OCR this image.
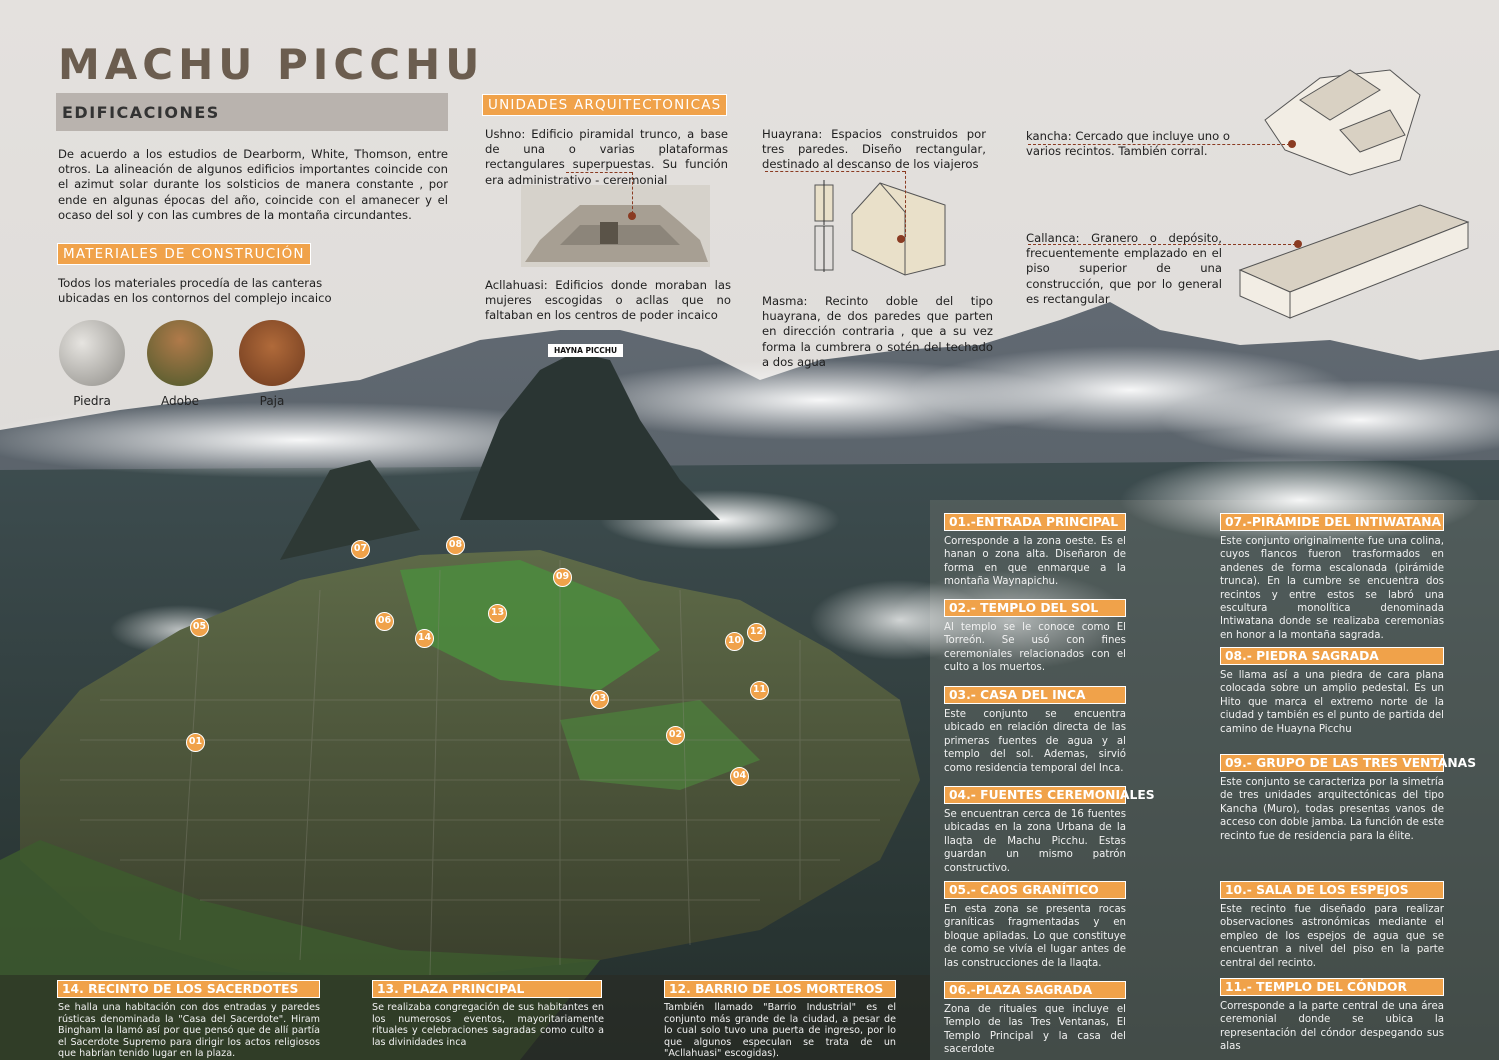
MACHU PICCHU
EDIFICACIONES
De acuerdo a los estudios de Dearborm, White, Thomson, entre otros. La alineación de algunos edificios importantes coincide con el azimut solar durante los solsticios de manera constante , por ende en algunas épocas del año, coincide con el amanecer y el ocaso del sol y con las cumbres de la montaña circundantes.
MATERIALES DE CONSTRUCIÓN
Todos los materiales procedía de las canteras ubicadas en los contornos del complejo incaico
Piedra	Adobe	Paja
UNIDADES ARQUITECTONICAS
Ushno: Edificio piramidal trunco, a base de una o varias plataformas rectangulares superpuestas. Su función era administrativo - ceremonial
Acllahuasi: Edificios donde moraban las mujeres escogidas o acllas que no faltaban en los centros de poder incaico
Huayrana: Espacios construidos por tres paredes. Diseño rectangular, destinado al descanso de los viajeros
Masma: Recinto doble del tipo huayrana, de dos paredes que parten en dirección contraria , que a su vez forma la cumbrera o sotén del techado a dos agua
kancha: Cercado que incluye uno o varios recintos. También corral.
Callanca: Granero o depósito, frecuentemente emplazado en el piso superior de una construcción, que por lo general es rectangular
HAYNA PICCHU
01
02
03
04
05
06
07	08
09
10
11
12
13
14
01.-ENTRADA PRINCIPAL
Corresponde a la zona oeste. Es el hanan o zona alta. Diseñaron de forma en que enmarque a la montaña Waynapichu.
02.- TEMPLO DEL SOL
Al templo se le conoce como El Torreón. Se usó con fines ceremoniales relacionados con el culto a los muertos.
03.- CASA DEL INCA
Este conjunto se encuentra ubicado en relación directa de las primeras fuentes de agua y al templo del sol. Ademas, sirvió como residencia temporal del Inca.
04.- FUENTES CEREMONIALES
Se encuentran cerca de 16 fuentes ubicadas en la zona Urbana de la llaqta de Machu Picchu. Estas guardan un mismo patrón constructivo.
05.- CAOS GRANÍTICO
En esta zona se presenta rocas graníticas fragmentadas y en bloque apiladas. Lo que constituye de como se vivía el lugar antes de las construcciones de la llaqta.
06.-PLAZA SAGRADA
Zona de rituales que incluye el Templo de las Tres Ventanas, El Templo Principal y la casa del sacerdote
07.-PIRÁMIDE DEL INTIWATANA
Este conjunto originalmente fue una colina, cuyos flancos fueron trasformados en andenes de forma escalonada (pirámide trunca). En la cumbre se encuentra dos recintos y entre estos se labró una escultura monolítica denominada Intiwatana donde se realizaba ceremonias en honor a la montaña sagrada.
08.- PIEDRA SAGRADA
Se llama así a una piedra de cara plana colocada sobre un amplio pedestal. Es un Hito que marca el extremo norte de la ciudad y también es el punto de partida del camino de Huayna Picchu
09.- GRUPO DE LAS TRES VENTANAS
Este conjunto se caracteriza por la simetría de tres unidades arquitectónicas del tipo Kancha (Muro), todas presentas vanos de acceso con doble jamba. La función de este recinto fue de residencia para la élite.
10.- SALA DE LOS ESPEJOS
Este recinto fue diseñado para realizar observaciones astronómicas mediante el empleo de los espejos de agua que se encuentran a nivel del piso en la parte central del recinto.
11.- TEMPLO DEL CÓNDOR
Corresponde a la parte central de una área ceremonial donde se ubica la representación del cóndor despegando sus alas
12. BARRIO DE LOS MORTEROS
También llamado "Barrio Industrial" es el conjunto más grande de la ciudad, a pesar de lo cual solo tuvo una puerta de ingreso, por lo que algunos especulan se trata de un "Acllahuasi" escogidas).
13. PLAZA PRINCIPAL
Se realizaba congregación de sus habitantes en los numerosos eventos, mayoritariamente rituales y celebraciones sagradas como culto a las divinidades inca
14. RECINTO DE LOS SACERDOTES
Se halla una habitación con dos entradas y paredes rústicas denominada la "Casa del Sacerdote". Hiram Bingham la llamó así por que pensó que de allí partía el Sacerdote Supremo para dirigir los actos religiosos que habrían tenido lugar en la plaza.
